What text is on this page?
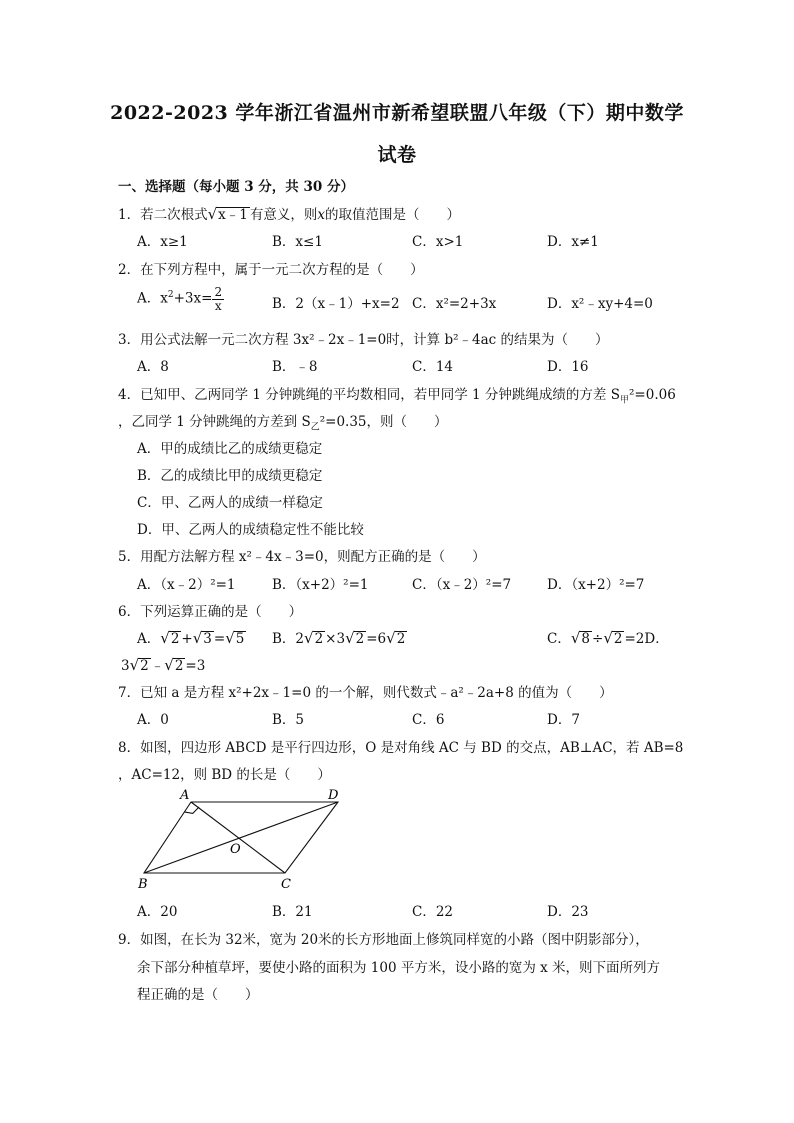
2022-2023 学年浙江省温州市新希望联盟八年级（下）期中数学
试卷
一、选择题（每小题 3 分，共 30 分）
1．若二次根式√x﹣1 有意义，则x的取值范围是（　　）
A．x≥1	B．x≤1	C．x>1	D．x≠1
2．在下列方程中，属于一元二次方程的是（　　）
A．$x^2+3x= \frac{2}{x}$	B．2（x﹣1）+x=2 C．x²=2+3x	D．x²﹣xy+4=0
3．用公式法解一元二次方程 3x²﹣2x﹣1=0时，计算 b²﹣4ac 的结果为（　　）
A．8	B．﹣8	C．14	D．16
4．已知甲、乙两同学 1 分钟跳绳的平均数相同，若甲同学 1 分钟跳绳成绩的方差 $S_甲^2=0.06$
，乙同学 1 分钟跳绳的方差到 $S_乙^2=0.35$，则（　　）
A．甲的成绩比乙的成绩更稳定
B．乙的成绩比甲的成绩更稳定
C．甲、乙两人的成绩一样稳定
D．甲、乙两人的成绩稳定性不能比较
5．用配方法解方程 x²﹣4x﹣3=0，则配方正确的是（　　）
A．（x﹣2）²=1	B．（x+2）²=1	C．（x﹣2）²=7	D．（x+2）²=7
6．下列运算正确的是（　　）
A．√2 +√3 =√5 B．2√2 ×3√2 =6√2	C．√8 ÷√2 =2D．
3√2 ﹣√2 =3
7．已知 a 是方程 x²+2x﹣1=0 的一个解，则代数式﹣a²﹣2a+8 的值为（　　）
A．0	B．5	C．6	D．7
8．如图，四边形 ABCD 是平行四边形，O 是对角线 AC 与 BD 的交点，AB⊥AC，若 AB=8
，AC=12，则 BD 的长是（　　）
A	D
O
B	C
A．20	B．21	C．22	D．23
9．如图，在长为 32米，宽为 20米的长方形地面上修筑同样宽的小路（图中阴影部分），
余下部分种植草坪，要使小路的面积为 100 平方米，设小路的宽为 x 米，则下面所列方
程正确的是（　　）
